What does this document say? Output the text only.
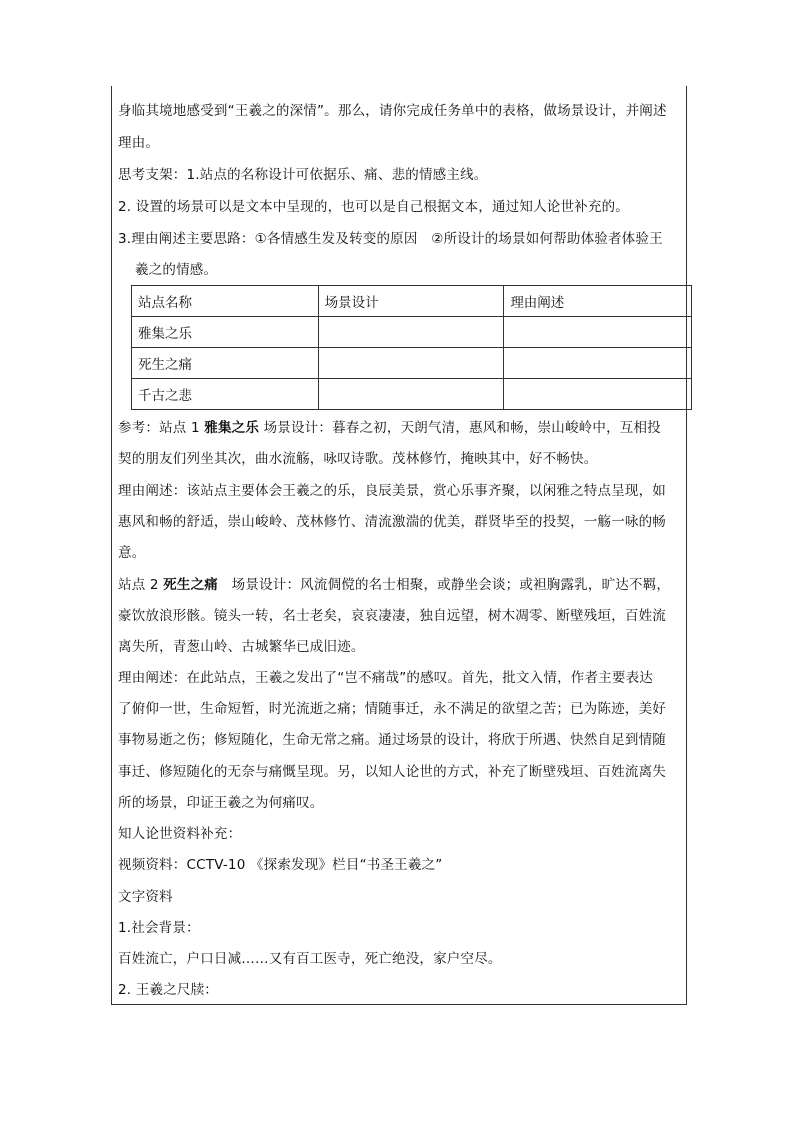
身临其境地感受到“王羲之的深情”。那么，请你完成任务单中的表格，做场景设计，并阐述
理由。
思考支架：1.站点的名称设计可依据乐、痛、悲的情感主线。
2. 设置的场景可以是文本中呈现的，也可以是自己根据文本，通过知人论世补充的。
3.理由阐述主要思路：①各情感生发及转变的原因　②所设计的场景如何帮助体验者体验王
羲之的情感。
站点名称	场景设计	理由阐述
雅集之乐		
死生之痛		
千古之悲		
参考：站点 1 雅集之乐 场景设计：暮春之初，天朗气清，惠风和畅，崇山峻岭中，互相投
契的朋友们列坐其次，曲水流觞，咏叹诗歌。茂林修竹，掩映其中，好不畅快。
理由阐述：该站点主要体会王羲之的乐，良辰美景，赏心乐事齐聚，以闲雅之特点呈现，如
惠风和畅的舒适，崇山峻岭、茂林修竹、清流激湍的优美，群贤毕至的投契，一觞一咏的畅
意。
站点 2 死生之痛　场景设计：风流倜傥的名士相聚，或静坐会谈；或袒胸露乳，旷达不羁，
豪饮放浪形骸。镜头一转，名士老矣，哀哀凄凄，独自远望，树木凋零、断壁残垣，百姓流
离失所，青葱山岭、古城繁华已成旧迹。
理由阐述：在此站点，王羲之发出了“岂不痛哉”的感叹。首先，批文入情，作者主要表达
了俯仰一世，生命短暂，时光流逝之痛；情随事迁，永不满足的欲望之苦；已为陈迹，美好
事物易逝之伤；修短随化，生命无常之痛。通过场景的设计，将欣于所遇、快然自足到情随
事迁、修短随化的无奈与痛慨呈现。另，以知人论世的方式，补充了断壁残垣、百姓流离失
所的场景，印证王羲之为何痛叹。
知人论世资料补充：
视频资料：CCTV-10 《探索发现》栏目“书圣王羲之”
文字资料
1.社会背景：
百姓流亡，户口日减……又有百工医寺，死亡绝没，家户空尽。
2. 王羲之尺牍：
